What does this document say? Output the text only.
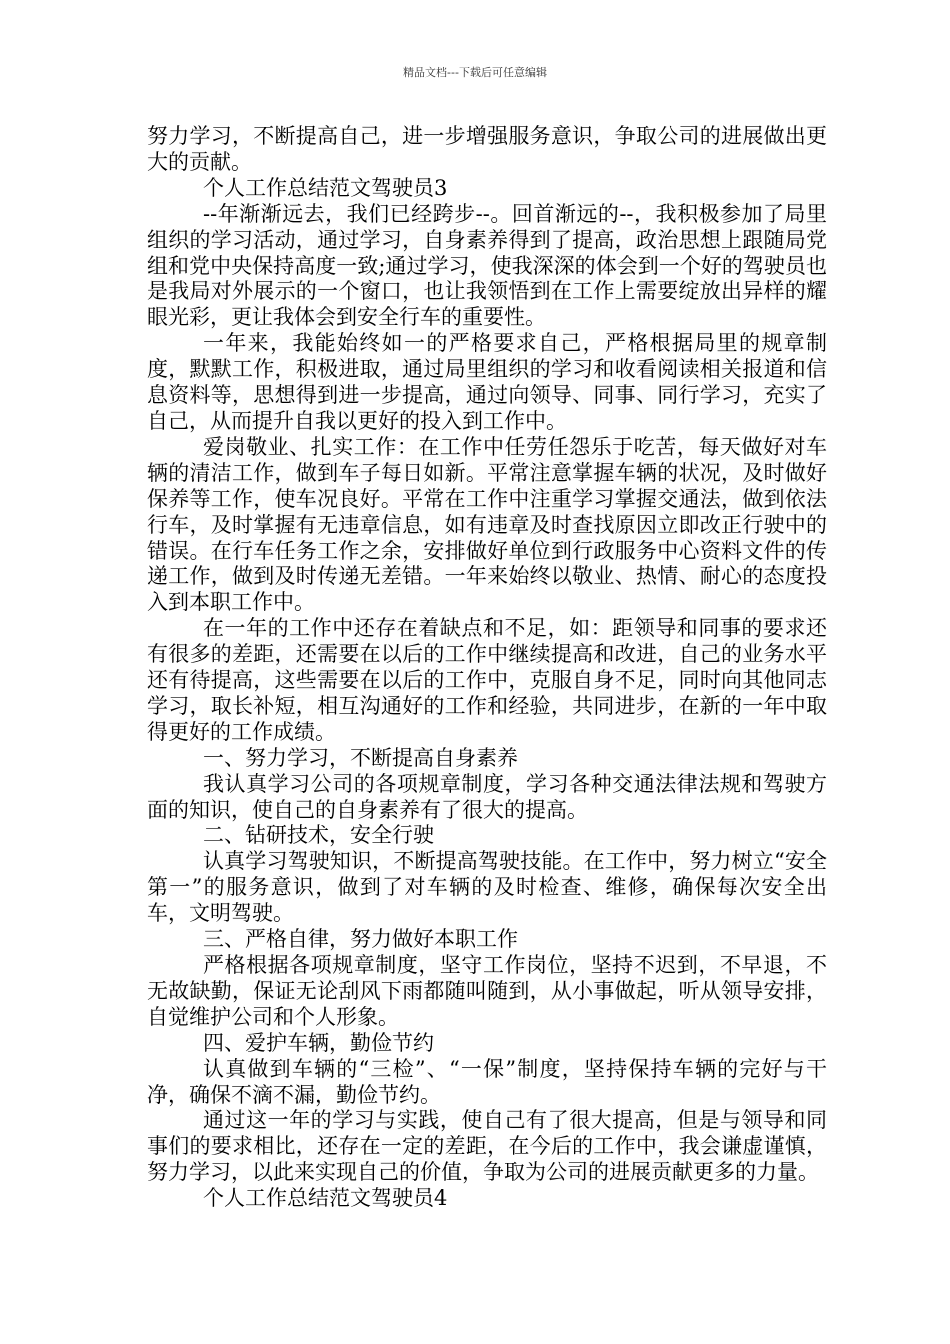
精品文档---下载后可任意编辑

努力学习，不断提高自己，进一步增强服务意识，争取公司的进展做出更大的贡献。

个人工作总结范文驾驶员3

--年渐渐远去，我们已经跨步--。回首渐远的--，我积极参加了局里组织的学习活动，通过学习，自身素养得到了提高，政治思想上跟随局党组和党中央保持高度一致;通过学习，使我深深的体会到一个好的驾驶员也是我局对外展示的一个窗口，也让我领悟到在工作上需要绽放出异样的耀眼光彩，更让我体会到安全行车的重要性。

一年来，我能始终如一的严格要求自己，严格根据局里的规章制度，默默工作，积极进取，通过局里组织的学习和收看阅读相关报道和信息资料等，思想得到进一步提高，通过向领导、同事、同行学习，充实了自己，从而提升自我以更好的投入到工作中。

爱岗敬业、扎实工作：在工作中任劳任怨乐于吃苦，每天做好对车辆的清洁工作，做到车子每日如新。平常注意掌握车辆的状况，及时做好保养等工作，使车况良好。平常在工作中注重学习掌握交通法，做到依法行车，及时掌握有无违章信息，如有违章及时查找原因立即改正行驶中的错误。在行车任务工作之余，安排做好单位到行政服务中心资料文件的传递工作，做到及时传递无差错。一年来始终以敬业、热情、耐心的态度投入到本职工作中。

在一年的工作中还存在着缺点和不足，如：距领导和同事的要求还有很多的差距，还需要在以后的工作中继续提高和改进，自己的业务水平还有待提高，这些需要在以后的工作中，克服自身不足，同时向其他同志学习，取长补短，相互沟通好的工作和经验，共同进步，在新的一年中取得更好的工作成绩。

一、努力学习，不断提高自身素养

我认真学习公司的各项规章制度，学习各种交通法律法规和驾驶方面的知识，使自己的自身素养有了很大的提高。

二、钻研技术，安全行驶

认真学习驾驶知识，不断提高驾驶技能。在工作中，努力树立“安全第一”的服务意识，做到了对车辆的及时检查、维修，确保每次安全出车，文明驾驶。

三、严格自律，努力做好本职工作

严格根据各项规章制度，坚守工作岗位，坚持不迟到，不早退，不无故缺勤，保证无论刮风下雨都随叫随到，从小事做起，听从领导安排，自觉维护公司和个人形象。

四、爱护车辆，勤俭节约

认真做到车辆的“三检”、“一保”制度，坚持保持车辆的完好与干净，确保不滴不漏，勤俭节约。

通过这一年的学习与实践，使自己有了很大提高，但是与领导和同事们的要求相比，还存在一定的差距，在今后的工作中，我会谦虚谨慎，努力学习，以此来实现自己的价值，争取为公司的进展贡献更多的力量。

个人工作总结范文驾驶员4
